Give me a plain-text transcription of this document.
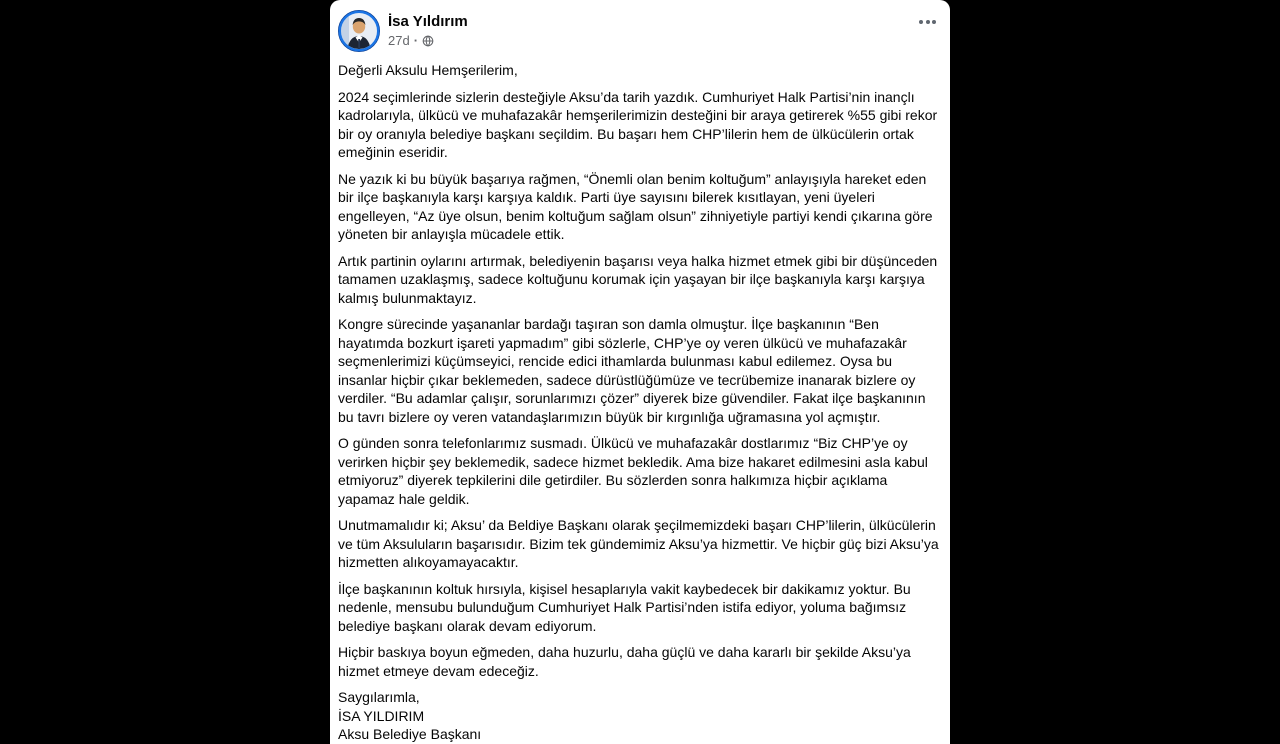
İsa Yıldırım
27d ·

Değerli Aksulu Hemşerilerim,

2024 seçimlerinde sizlerin desteğiyle Aksu’da tarih yazdık. Cumhuriyet Halk Partisi’nin inançlı kadrolarıyla, ülkücü ve muhafazakâr hemşerilerimizin desteğini bir araya getirerek %55 gibi rekor bir oy oranıyla belediye başkanı seçildim. Bu başarı hem CHP’lilerin hem de ülkücülerin ortak emeğinin eseridir.

Ne yazık ki bu büyük başarıya rağmen, “Önemli olan benim koltuğum” anlayışıyla hareket eden bir ilçe başkanıyla karşı karşıya kaldık. Parti üye sayısını bilerek kısıtlayan, yeni üyeleri engelleyen, “Az üye olsun, benim koltuğum sağlam olsun” zihniyetiyle partiyi kendi çıkarına göre yöneten bir anlayışla mücadele ettik.

Artık partinin oylarını artırmak, belediyenin başarısı veya halka hizmet etmek gibi bir düşünceden tamamen uzaklaşmış, sadece koltuğunu korumak için yaşayan bir ilçe başkanıyla karşı karşıya kalmış bulunmaktayız.

Kongre sürecinde yaşananlar bardağı taşıran son damla olmuştur. İlçe başkanının “Ben hayatımda bozkurt işareti yapmadım” gibi sözlerle, CHP’ye oy veren ülkücü ve muhafazakâr seçmenlerimizi küçümseyici, rencide edici ithamlarda bulunması kabul edilemez. Oysa bu insanlar hiçbir çıkar beklemeden, sadece dürüstlüğümüze ve tecrübemize inanarak bizlere oy verdiler. “Bu adamlar çalışır, sorunlarımızı çözer” diyerek bize güvendiler. Fakat ilçe başkanının bu tavrı bizlere oy veren vatandaşlarımızın büyük bir kırgınlığa uğramasına yol açmıştır.

O günden sonra telefonlarımız susmadı. Ülkücü ve muhafazakâr dostlarımız “Biz CHP’ye oy verirken hiçbir şey beklemedik, sadece hizmet bekledik. Ama bize hakaret edilmesini asla kabul etmiyoruz” diyerek tepkilerini dile getirdiler. Bu sözlerden sonra halkımıza hiçbir açıklama yapamaz hale geldik.

Unutmamalıdır ki; Aksu’ da Beldiye Başkanı olarak şeçilmemizdeki başarı CHP’lilerin, ülkücülerin ve tüm Aksuluların başarısıdır. Bizim tek gündemimiz Aksu’ya hizmettir. Ve hiçbir güç bizi Aksu’ya hizmetten alıkoyamayacaktır.

İlçe başkanının koltuk hırsıyla, kişisel hesaplarıyla vakit kaybedecek bir dakikamız yoktur. Bu nedenle, mensubu bulunduğum Cumhuriyet Halk Partisi’nden istifa ediyor, yoluma bağımsız belediye başkanı olarak devam ediyorum.

Hiçbir baskıya boyun eğmeden, daha huzurlu, daha güçlü ve daha kararlı bir şekilde Aksu’ya hizmet etmeye devam edeceğiz.

Saygılarımla,

İSA YILDIRIM

Aksu Belediye Başkanı
